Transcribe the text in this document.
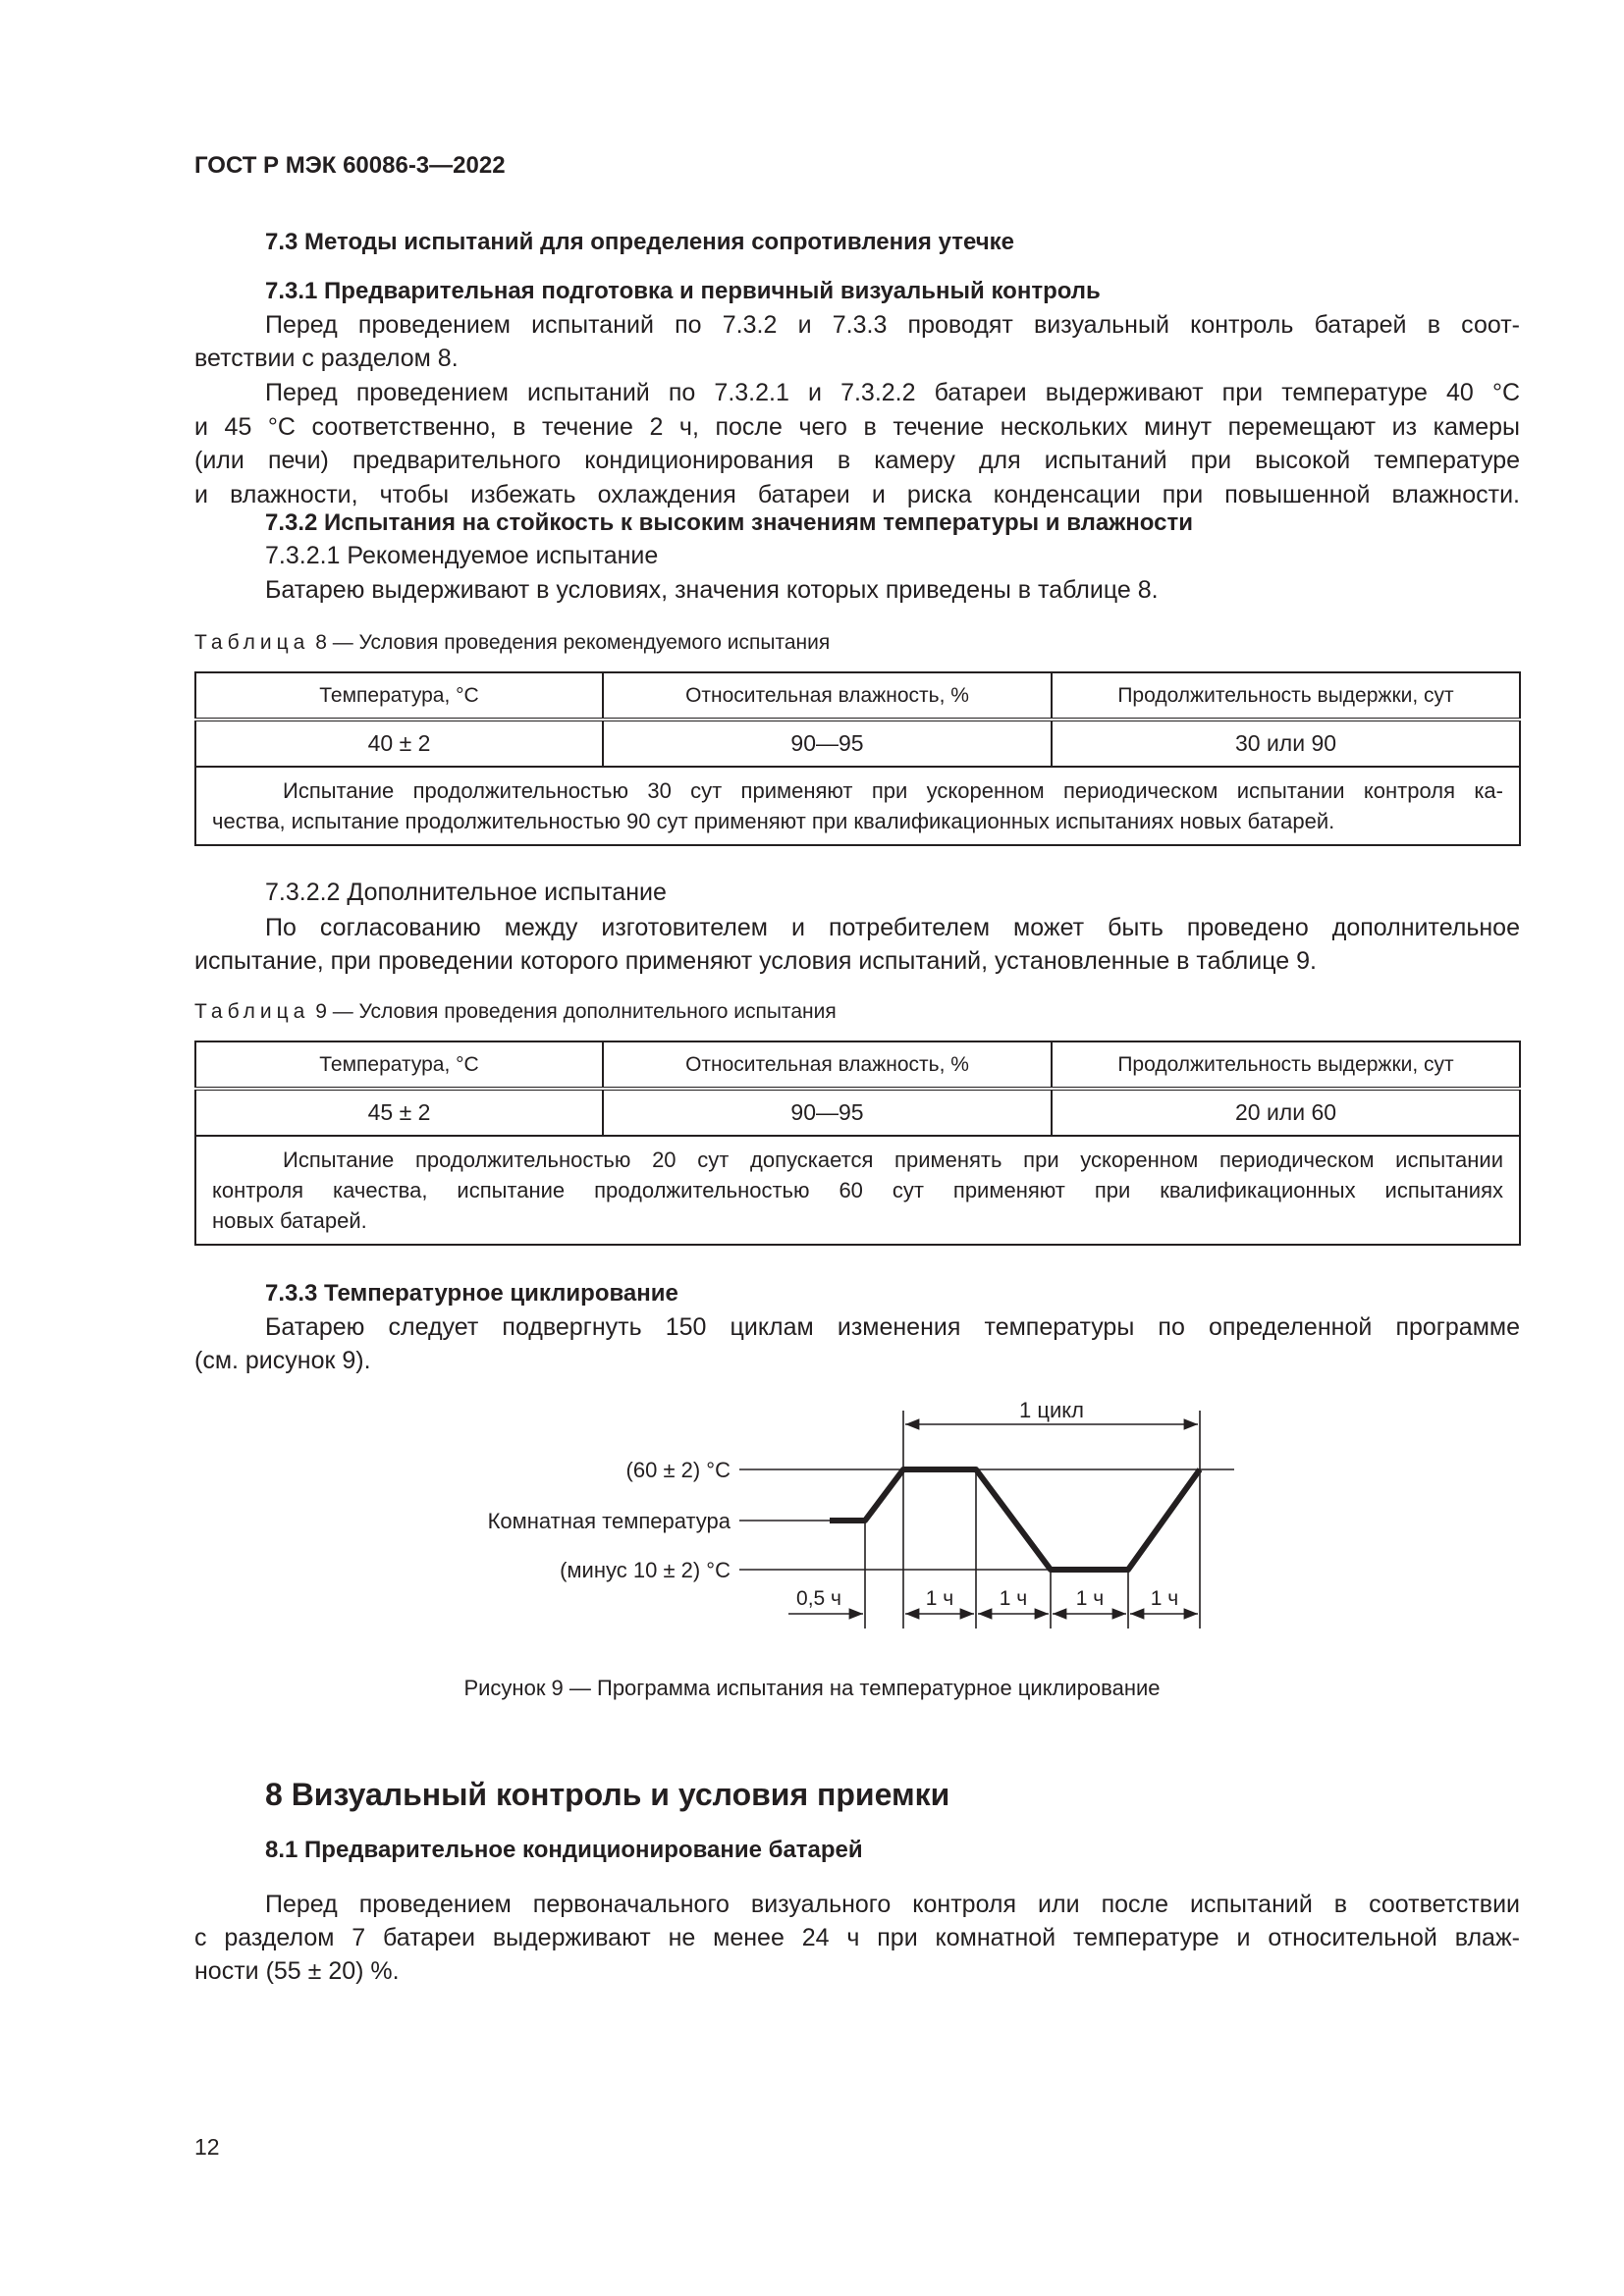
ГОСТ Р МЭК 60086-3—2022
7.3 Методы испытаний для определения сопротивления утечке
7.3.1 Предварительная подготовка и первичный визуальный контроль
Перед проведением испытаний по 7.3.2 и 7.3.3 проводят визуальный контроль батарей в соот-
ветствии с разделом 8.
Перед проведением испытаний по 7.3.2.1 и 7.3.2.2 батареи выдерживают при температуре 40 °С
и 45 °С соответственно, в течение 2 ч, после чего в течение нескольких минут перемещают из камеры
(или печи) предварительного кондиционирования в камеру для испытаний при высокой температуре
и влажности, чтобы избежать охлаждения батареи и риска конденсации при повышенной влажности.
7.3.2 Испытания на стойкость к высоким значениям температуры и влажности
7.3.2.1 Рекомендуемое испытание
Батарею выдерживают в условиях, значения которых приведены в таблице 8.
Таблица 8 — Условия проведения рекомендуемого испытания
Температура, °С	Относительная влажность, %	Продолжительность выдержки, сут
40 ± 2	90—95	30 или 90

Испытание продолжительностью 30 сут применяют при ускоренном периодическом испытании контроля ка-
чества, испытание продолжительностью 90 сут применяют при квалификационных испытаниях новых батарей.		
7.3.2.2 Дополнительное испытание
По согласованию между изготовителем и потребителем может быть проведено дополнительное
испытание, при проведении которого применяют условия испытаний, установленные в таблице 9.
Таблица 9 — Условия проведения дополнительного испытания
Температура, °С	Относительная влажность, %	Продолжительность выдержки, сут
45 ± 2	90—95	20 или 60

Испытание продолжительностью 20 сут допускается применять при ускоренном периодическом испытании
контроля качества, испытание продолжительностью 60 сут применяют при квалификационных испытаниях
новых батарей.		
7.3.3 Температурное циклирование
Батарею следует подвергнуть 150 циклам изменения температуры по определенной программе
(см. рисунок 9).
1 цикл
(60 ± 2) °С
Комнатная температура
(минус 10 ± 2) °С
0,5 ч	1 ч 1 ч 1 ч 1 ч
Рисунок 9 — Программа испытания на температурное циклирование
8 Визуальный контроль и условия приемки
8.1 Предварительное кондиционирование батарей
Перед проведением первоначального визуального контроля или после испытаний в соответствии
с разделом 7 батареи выдерживают не менее 24 ч при комнатной температуре и относительной влаж-
ности (55 ± 20) %.
12
